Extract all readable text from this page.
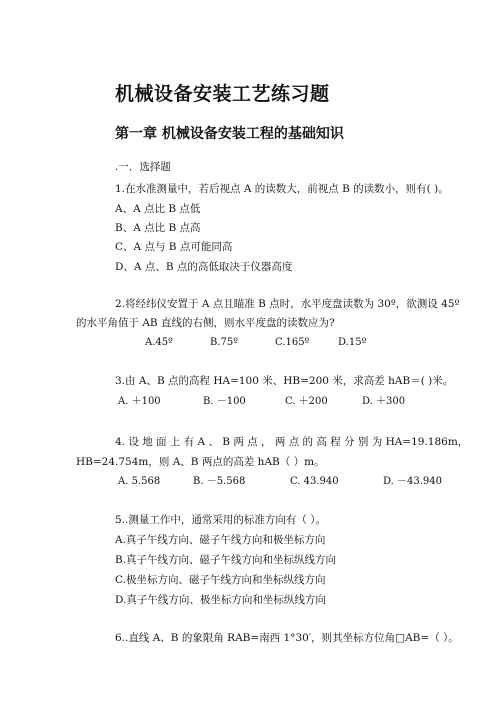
机械设备安装工艺练习题
第一章 机械设备安装工程的基础知识
.一．选择题
1.在水准测量中，若后视点 A 的读数大，前视点 B 的读数小，则有( )。
A、A 点比 B 点低
B、A 点比 B 点高
C、A 点与 B 点可能同高
D、A 点、B 点的高低取决于仪器高度
2.将经纬仪安置于 A 点且瞄准 B 点时，水平度盘读数为 30º，欲测设 45º
的水平角值于 AB 直线的右侧，则水平度盘的读数应为?
A.45º	B.75º	C.165º	D.15º
3.由 A、B 点的高程 HA=100 米、HB=200 米，求高差 hAB＝( )米。
A. ＋100	B. －100	C. ＋200	D. ＋300
4. 设 地 面 上 有 A 、 B 两 点 ， 两 点 的 高 程 分 别 为 HA=19.186m，
HB=24.754m，则 A、B 两点的高差 hAB（ ）m。
A. 5.568	B. －5.568	C. 43.940	D. －43.940
5..测量工作中，通常采用的标准方向有（ ）。
A.真子午线方向、磁子午线方向和极坐标方向
B.真子午线方向、磁子午线方向和坐标纵线方向
C.极坐标方向、磁子午线方向和坐标纵线方向
D.真子午线方向、极坐标方向和坐标纵线方向
6..直线 A、B 的象限角 RAB=南西 1°30′，则其坐标方位角□AB=（ ）。
